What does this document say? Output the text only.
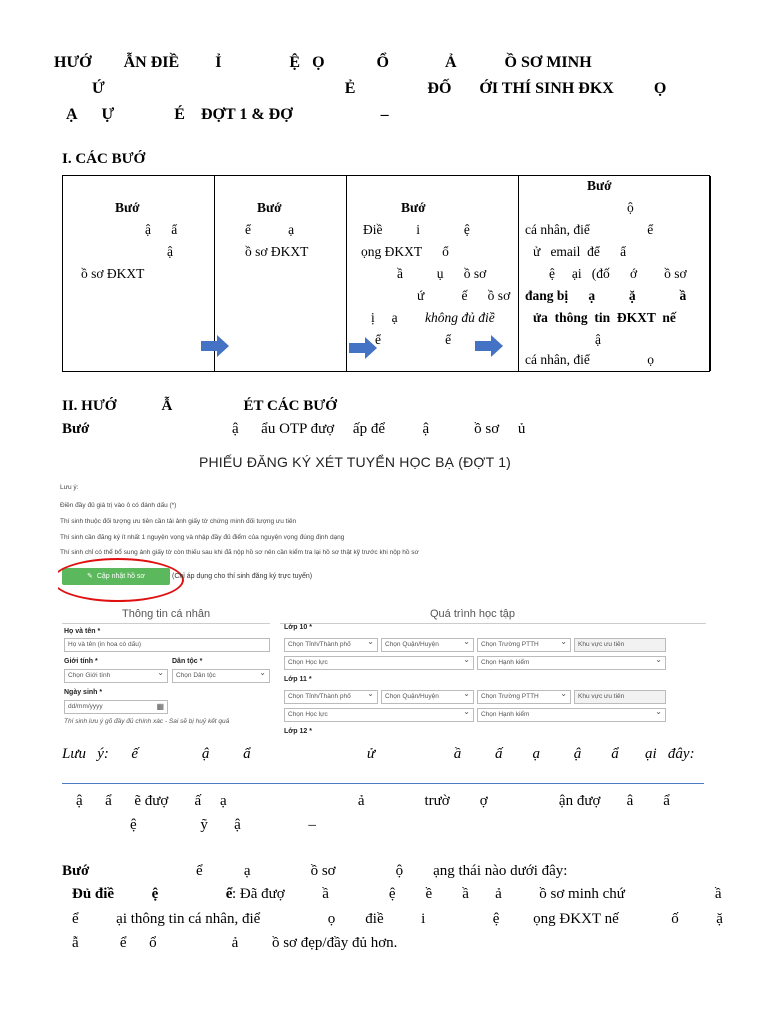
HƯỚ        ẪN ĐIỀ         Ỉ                 Ệ   Ọ             Ổ              Ả            Ồ SƠ MINH
Ứ                                                            Ẻ                  ĐỐ       ỚI THÍ SINH ĐKX          Ọ
Ạ      Ự               É    ĐỢT 1 & ĐỢ                      –
I. CÁC BƯỚ
Bướ
ậ      ẩ
ậ
ồ sơ ĐKXT
Bướ
ể           ạ
ồ sơ ĐKXT
Bướ
Điề          i             ệ
ọng ĐKXT      ổ
ầ          ụ      ồ sơ
ứ           ế      ồ sơ
ị     ạ không đủ điề
ể                   ể
Bướ
ộ
cá nhân, điể                 ể
ử   email  để      ẩ
ệ     ại   (đố      ớ        ồ sơ
đang bị      ạ          ặ             ầ
ửa  thông  tin  ĐKXT  nế
ậ
cá nhân, điể                 ọ
II. HƯỚ            Ẫ                   ÉT CÁC BƯỚ
Bướ	ậ      ẩu OTP đượ     ấp để          ậ            ồ sơ     ủ
PHIẾU ĐĂNG KÝ XÉT TUYỂN HỌC BẠ (ĐỢT 1)
Lưu ý:
Điền đầy đủ giá trị vào ô có đánh dấu (*)
Thí sinh thuộc đối tượng ưu tiên cần tải ảnh giấy tờ chứng minh đối tượng ưu tiên
Thí sinh cần đăng ký ít nhất 1 nguyện vọng và nhập đầy đủ điểm của nguyện vọng đúng định dạng
Thí sinh chỉ có thể bổ sung ảnh giấy tờ còn thiếu sau khi đã nộp hồ sơ nên cần kiểm tra lại hồ sơ thật kỹ trước khi nộp hồ sơ
✎ Cập nhật hồ sơ	(Chỉ áp dụng cho thí sinh đăng ký trực tuyến)
Thông tin cá nhân
Họ và tên *
Họ và tên (in hoa có dấu)
Giới tính *
Chọn Giới tính ⌄
Dân tộc *
Chọn Dân tộc ⌄
Ngày sinh *
dd/mm/yyyy	▦
Thí sinh lưu ý gõ đầy đủ chính xác - Sai sẽ bị huỷ kết quả
Quá trình học tập
Lớp 10 *
Chọn Tỉnh/Thành phố ⌄	Chọn Quận/Huyện ⌄	Chọn Trường PTTH ⌄	Khu vực ưu tiên
Chọn Học lực ⌄	Chọn Hạnh kiểm ⌄
Lớp 11 *
Chọn Tỉnh/Thành phố ⌄	Chọn Quận/Huyện ⌄	Chọn Trường PTTH ⌄	Khu vực ưu tiên
Chọn Học lực ⌄	Chọn Hạnh kiểm ⌄
Lớp 12 *
Lưu   ý:      ế                 ậ         ẩ                               ử                     ầ         ấ        ạ         ậ        ẩ       ại   đây:
ậ      ẩ      ẽ đượ       ấ     ạ                                   ả                trườ        ợ                   ận đượ       â        ẩ
ệ                 ỹ       ậ                  –
Bướ	ể           ạ                ồ sơ                ộ        ạng thái nào dưới đây:
Đủ điề          ệ                  ể : Đã đượ          ầ                ệ        ề        ầ       ả          ồ sơ minh chứ                        ầ
ể          ại thông tin cá nhân, điể                  ọ        điề          i                  ệ         ọng ĐKXT nế              ố          ặ
ẫ           ể      ổ                    ả         ồ sơ đẹp/đầy đủ hơn.
